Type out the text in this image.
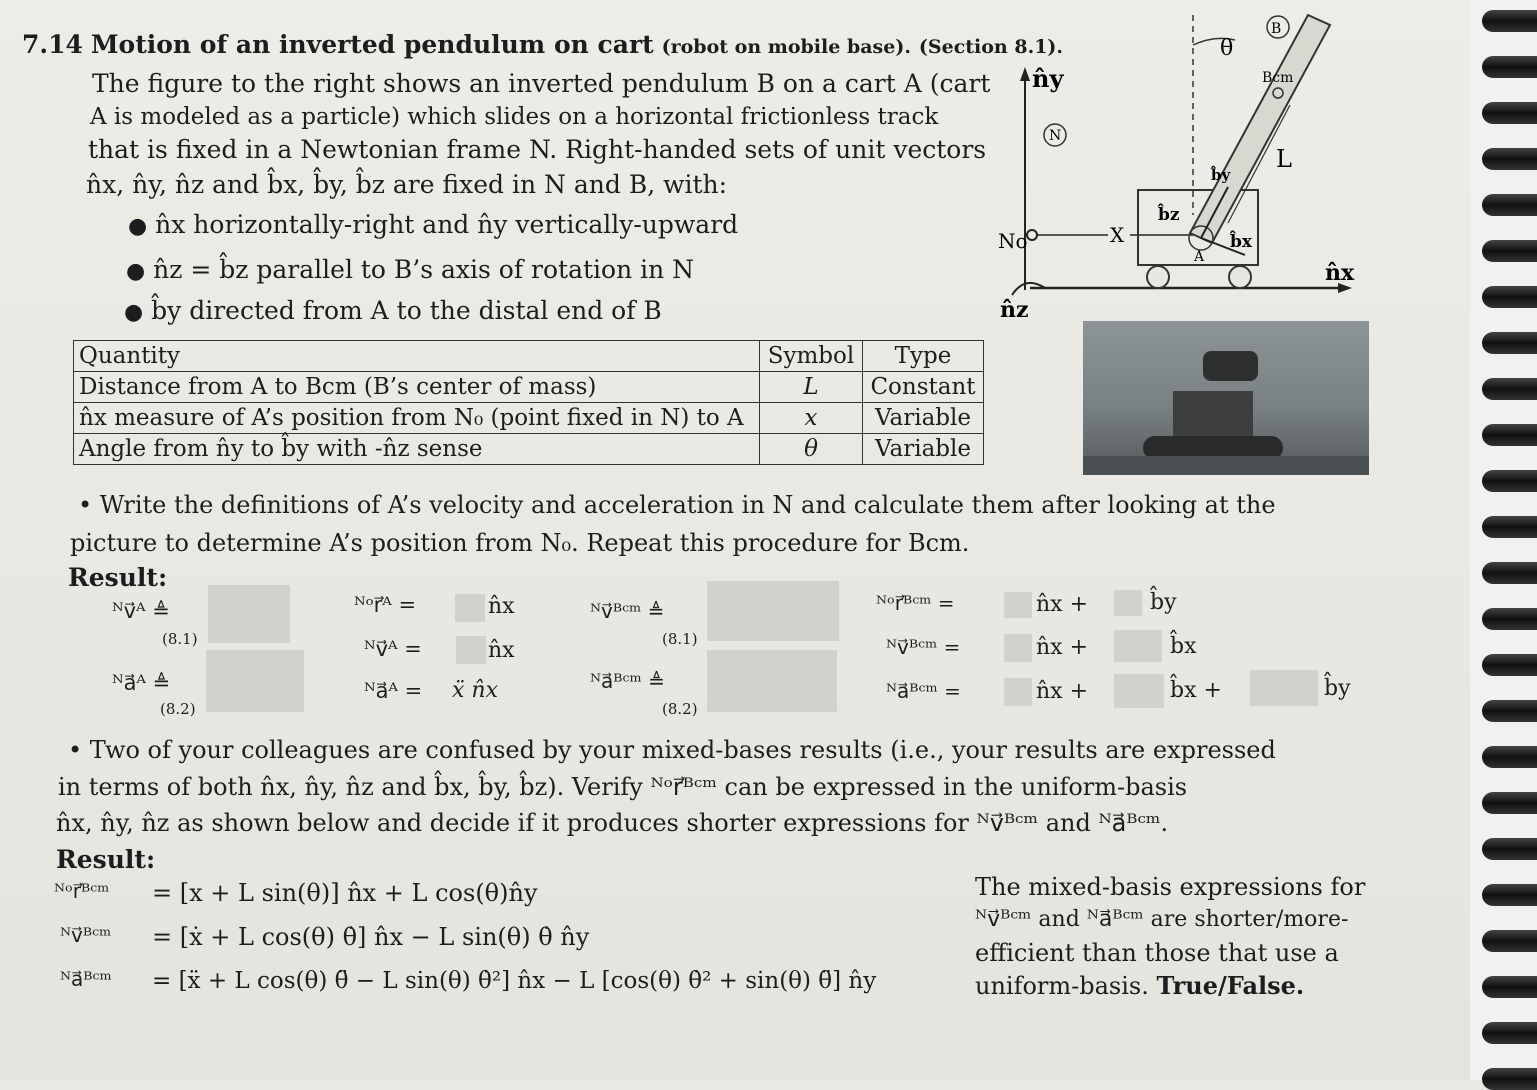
7.14 Motion of an inverted pendulum on cart (robot on mobile base). (Section 8.1).
The figure to the right shows an inverted pendulum B on a cart A (cart
A is modeled as a particle) which slides on a horizontal frictionless track
that is fixed in a Newtonian frame N. Right-handed sets of unit vectors
n̂x, n̂y, n̂z and b̂x, b̂y, b̂z are fixed in N and B, with:
● n̂x horizontally-right and n̂y vertically-upward
● n̂z = b̂z parallel to B’s axis of rotation in N
● b̂y directed from A to the distal end of B
θ
B
Bcm
n̂y
N
L
b̂y
b̂z
b̂x
No	X
A
n̂x
n̂z
Quantity	Symbol	Type
Distance from A to Bcm (B’s center of mass)	L	Constant
n̂x measure of A’s position from N₀ (point fixed in N) to A	x	Variable
Angle from n̂y to b̂y with -n̂z sense	θ	Variable
• Write the definitions of A’s velocity and acceleration in N and calculate them after looking at the
picture to determine A’s position from N₀. Repeat this procedure for Bcm.
Result:
ᴺv⃗ᴬ ≜
(8.1)
ᴺa⃗ᴬ ≜
(8.2)
ᴺᵒr⃗ᴬ =	n̂x
ᴺv⃗ᴬ =	n̂x
ᴺa⃗ᴬ = ẍ n̂x
ᴺv⃗ᴮᶜᵐ ≜
(8.1)
ᴺa⃗ᴮᶜᵐ ≜
(8.2)
ᴺᵒr⃗ᴮᶜᵐ =	n̂x +	b̂y
ᴺv⃗ᴮᶜᵐ =	n̂x +	b̂x
ᴺa⃗ᴮᶜᵐ =	n̂x +	b̂x +	b̂y
• Two of your colleagues are confused by your mixed-bases results (i.e., your results are expressed
in terms of both n̂x, n̂y, n̂z and b̂x, b̂y, b̂z). Verify ᴺᵒr⃗ᴮᶜᵐ can be expressed in the uniform-basis
n̂x, n̂y, n̂z as shown below and decide if it produces shorter expressions for ᴺv⃗ᴮᶜᵐ and ᴺa⃗ᴮᶜᵐ.
Result:
ᴺᵒr⃗ᴮᶜᵐ = [x + L sin(θ)] n̂x + L cos(θ)n̂y
ᴺv⃗ᴮᶜᵐ = [ẋ + L cos(θ) θ̇] n̂x − L sin(θ) θ̇ n̂y
ᴺa⃗ᴮᶜᵐ = [ẍ + L cos(θ) θ̈ − L sin(θ) θ̇²] n̂x − L [cos(θ) θ̇² + sin(θ) θ̈] n̂y
The mixed-basis expressions for
ᴺv⃗ᴮᶜᵐ and ᴺa⃗ᴮᶜᵐ are shorter/more-
efficient than those that use a
uniform-basis. True/False.
